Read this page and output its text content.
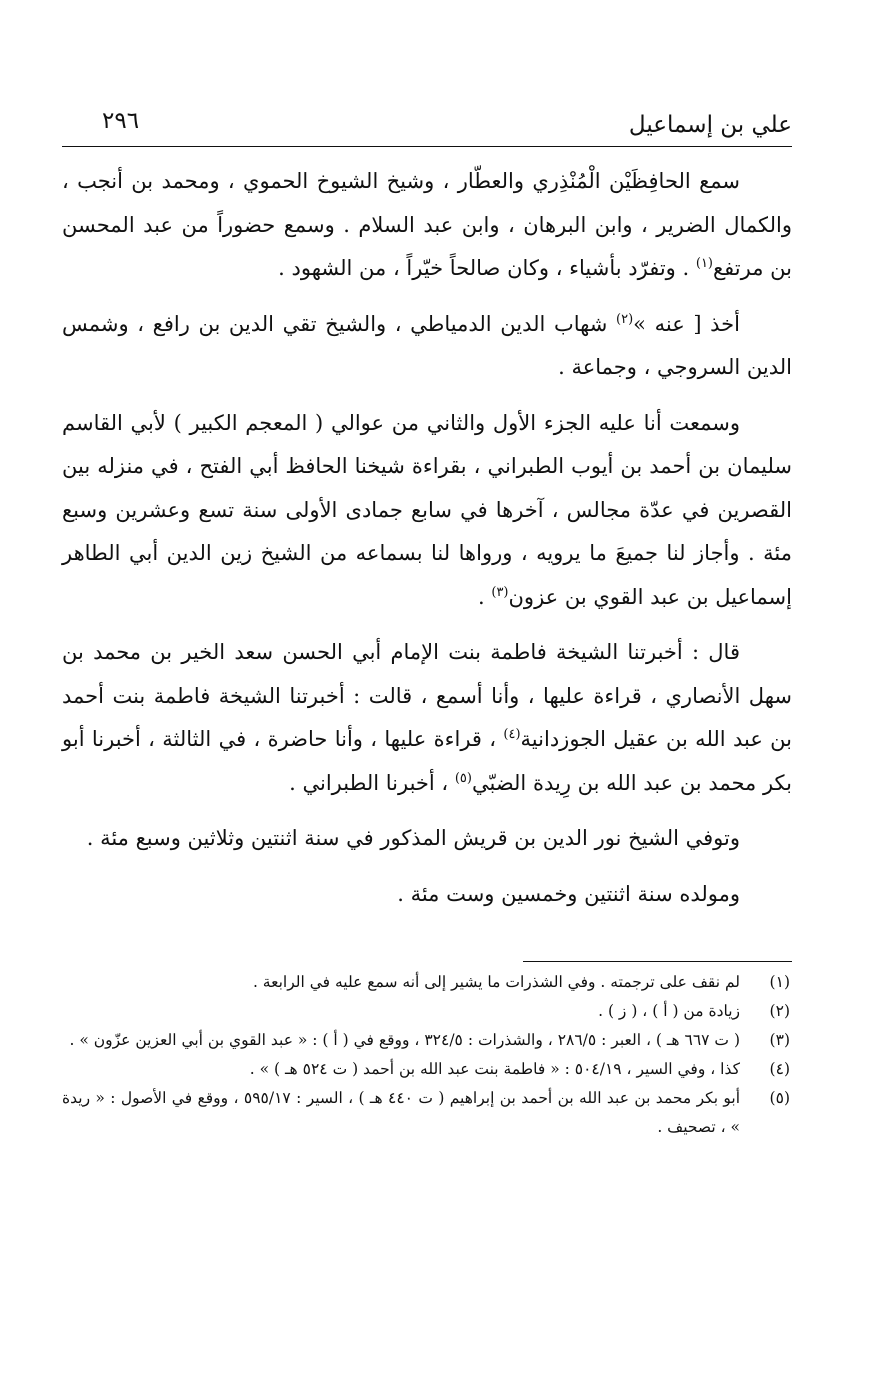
علي بن إسماعيل
٢٩٦

سمع الحافِظَيْن الْمُنْذِري والعطّار ، وشيخ الشيوخ الحموي ، ومحمد بن أنجب ، والكمال الضرير ، وابن البرهان ، وابن عبد السلام . وسمع حضوراً من عبد المحسن بن مرتفع$^{(١)}$ . وتفرّد بأشياء ، وكان صالحاً خيّراً ، من الشهود .

أخذ [ عنه »$^{(٢)}$ شهاب الدين الدمياطي ، والشيخ تقي الدين بن رافع ، وشمس الدين السروجي ، وجماعة .

وسمعت أنا عليه الجزء الأول والثاني من عوالي ( المعجم الكبير ) لأبي القاسم سليمان بن أحمد بن أيوب الطبراني ، بقراءة شيخنا الحافظ أبي الفتح ، في منزله بين القصرين في عدّة مجالس ، آخرها في سابع جمادى الأولى سنة تسع وعشرين وسبع مئة . وأجاز لنا جميعَ ما يرويه ، ورواها لنا بسماعه من الشيخ زين الدين أبي الطاهر إسماعيل بن عبد القوي بن عزون$^{(٣)}$ .

قال : أخبرتنا الشيخة فاطمة بنت الإمام أبي الحسن سعد الخير بن محمد بن سهل الأنصاري ، قراءة عليها ، وأنا أسمع ، قالت : أخبرتنا الشيخة فاطمة بنت أحمد بن عبد الله بن عقيل الجوزدانية$^{(٤)}$ ، قراءة عليها ، وأنا حاضرة ، في الثالثة ، أخبرنا أبو بكر محمد بن عبد الله بن رِيدة الضبّي$^{(٥)}$ ، أخبرنا الطبراني .

وتوفي الشيخ نور الدين بن قريش المذكور في سنة اثنتين وثلاثين وسبع مئة .

ومولده سنة اثنتين وخمسين وست مئة .

(١)
لم نقف على ترجمته . وفي الشذرات ما يشير إلى أنه سمع عليه في الرابعة .
(٢)
زيادة من ( أ ) ، ( ز ) .
(٣)
( ت ٦٦٧ هـ ) ، العبر : ٢٨٦/٥ ، والشذرات : ٣٢٤/٥ ، ووقع في ( أ ) : « عبد القوي بن أبي العزين عزّون » .
(٤)
كذا ، وفي السير ، ٥٠٤/١٩ : « فاطمة بنت عبد الله بن أحمد ( ت ٥٢٤ هـ ) » .
(٥)
أبو بكر محمد بن عبد الله بن أحمد بن إبراهيم ( ت ٤٤٠ هـ ) ، السير : ٥٩٥/١٧ ، ووقع في الأصول : « ريدة » ، تصحيف .
